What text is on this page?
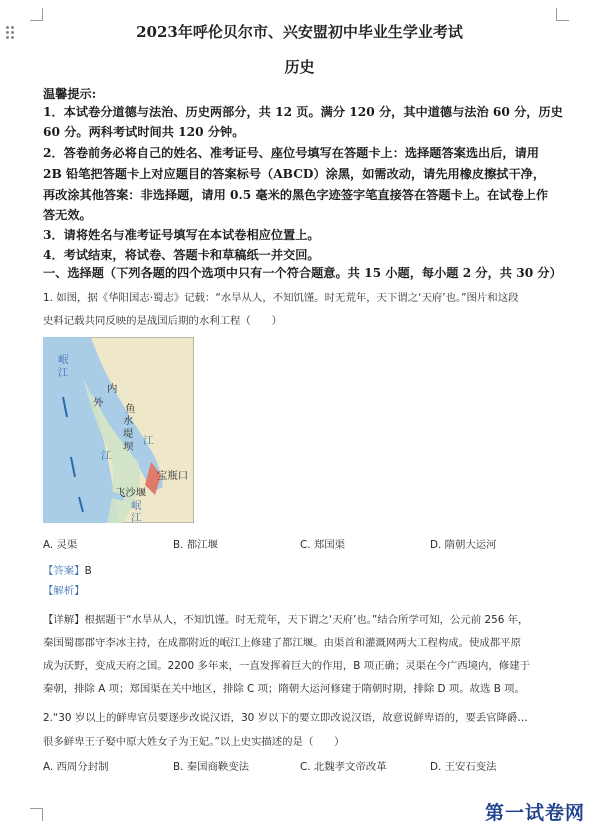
2023年呼伦贝尔市、兴安盟初中毕业生学业考试
历史
温馨提示:
1．本试卷分道德与法治、历史两部分，共 12 页。满分 120 分，其中道德与法治 60 分，历史
60 分。两科考试时间共 120 分钟。
2．答卷前务必将自己的姓名、准考证号、座位号填写在答题卡上：选择题答案选出后，请用
2B 铅笔把答题卡上对应题目的答案标号（ABCD）涂黑，如需改动，请先用橡皮擦拭干净，
再改涂其他答案：非选择题，请用 0.5 毫米的黑色字迹签字笔直接答在答题卡上。在试卷上作
答无效。
3．请将姓名与准考证号填写在本试卷相应位置上。
4．考试结束，将试卷、答题卡和草稿纸一并交回。
一、选择题（下列各题的四个选项中只有一个符合题意。共 15 小题，每小题 2 分，共 30 分）
1. 如图，据《华阳国志·蜀志》记载：“水旱从人，不知饥馑。时无荒年，天下谓之‘天府’也。”图片和这段
史料记载共同反映的是战国后期的水利工程（　　）
岷
江
内
外 鱼
水
堤
坝
江
江
宝瓶口
飞沙堰
岷
江
A. 灵渠	B. 都江堰	C. 郑国渠	D. 隋朝大运河
【答案】B
【解析】
【详解】根据题干“水旱从人，不知饥馑。时无荒年，天下谓之‘天府’也。”结合所学可知，公元前 256 年，
秦国蜀郡郡守李冰主持，在成都附近的岷江上修建了都江堰。由渠首和灌溉网两大工程构成。使成都平原
成为沃野，变成天府之国。2200 多年来，一直发挥着巨大的作用，B 项正确；灵渠在今广西境内，修建于
秦朝，排除 A 项；郑国渠在关中地区，排除 C 项；隋朝大运河修建于隋朝时期，排除 D 项。故选 B 项。
2.“30 岁以上的鲜卑官员要逐步改说汉语，30 岁以下的要立即改说汉语，故意说鲜卑语的，要丢官降爵…
很多鲜卑王子娶中原大姓女子为王妃。”以上史实描述的是（　　）
A. 西周分封制	B. 秦国商鞅变法	C. 北魏孝文帝改革	D. 王安石变法
第一试卷网
